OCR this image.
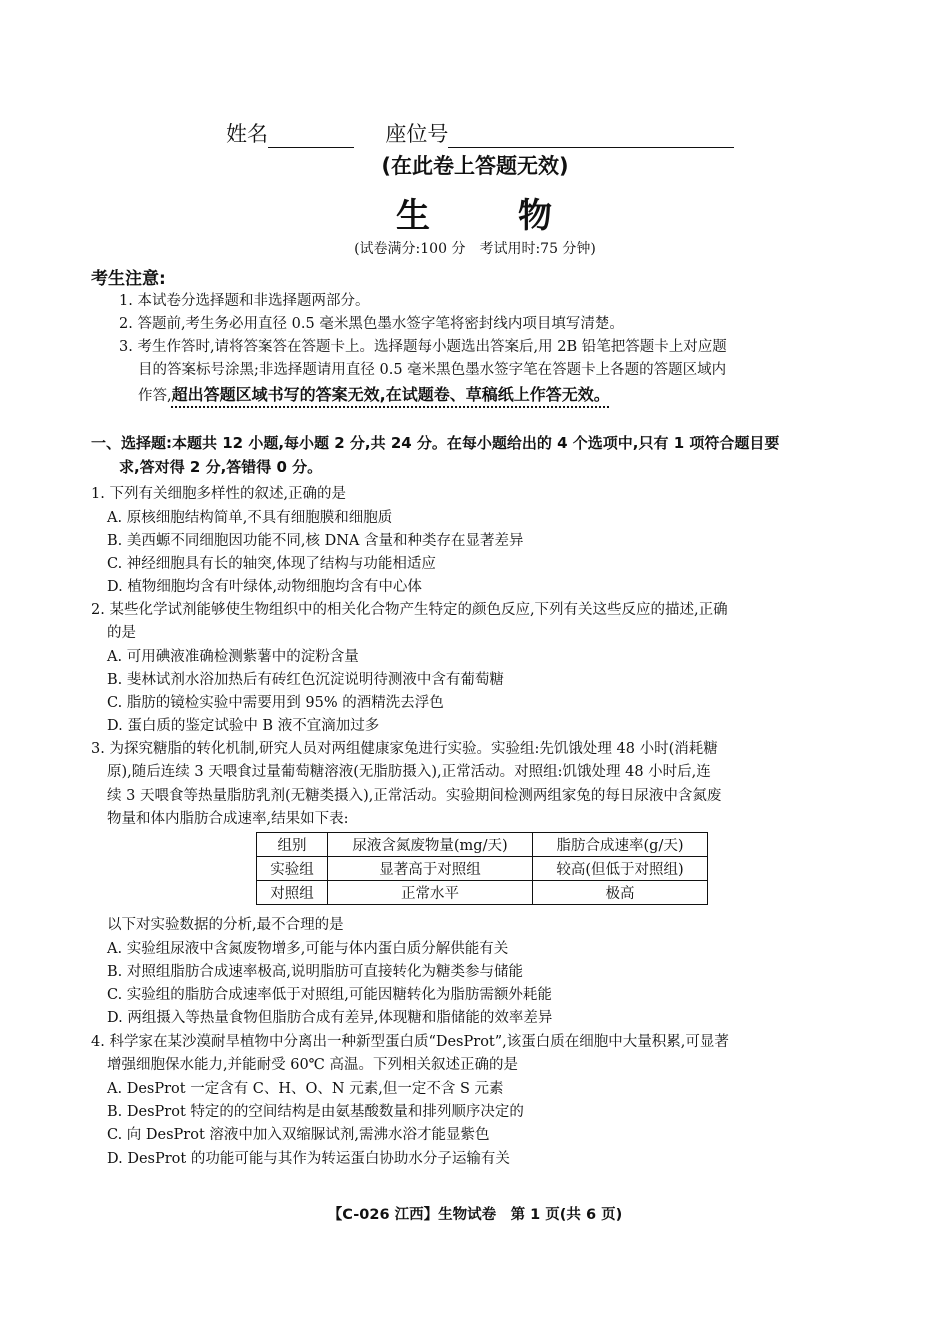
姓名	座位号
(在此卷上答题无效)
生	物
(试卷满分:100 分　考试用时:75 分钟)
考生注意:
1. 本试卷分选择题和非选择题两部分。
2. 答题前,考生务必用直径 0.5 毫米黑色墨水签字笔将密封线内项目填写清楚。
3. 考生作答时,请将答案答在答题卡上。选择题每小题选出答案后,用 2B 铅笔把答题卡上对应题
目的答案标号涂黑;非选择题请用直径 0.5 毫米黑色墨水签字笔在答题卡上各题的答题区域内
作答,超出答题区域书写的答案无效,在试题卷、草稿纸上作答无效。
一、选择题:本题共 12 小题,每小题 2 分,共 24 分。在每小题给出的 4 个选项中,只有 1 项符合题目要
求,答对得 2 分,答错得 0 分。
1. 下列有关细胞多样性的叙述,正确的是
A. 原核细胞结构简单,不具有细胞膜和细胞质
B. 美西螈不同细胞因功能不同,核 DNA 含量和种类存在显著差异
C. 神经细胞具有长的轴突,体现了结构与功能相适应
D. 植物细胞均含有叶绿体,动物细胞均含有中心体
2. 某些化学试剂能够使生物组织中的相关化合物产生特定的颜色反应,下列有关这些反应的描述,正确
的是
A. 可用碘液准确检测紫薯中的淀粉含量
B. 斐林试剂水浴加热后有砖红色沉淀说明待测液中含有葡萄糖
C. 脂肪的镜检实验中需要用到 95% 的酒精洗去浮色
D. 蛋白质的鉴定试验中 B 液不宜滴加过多
3. 为探究糖脂的转化机制,研究人员对两组健康家兔进行实验。实验组:先饥饿处理 48 小时(消耗糖
原),随后连续 3 天喂食过量葡萄糖溶液(无脂肪摄入),正常活动。对照组:饥饿处理 48 小时后,连
续 3 天喂食等热量脂肪乳剂(无糖类摄入),正常活动。实验期间检测两组家兔的每日尿液中含氮废
物量和体内脂肪合成速率,结果如下表:
组别	尿液含氮废物量(mg/天)	脂肪合成速率(g/天)
实验组	显著高于对照组	较高(但低于对照组)
对照组	正常水平	极高
以下对实验数据的分析,最不合理的是
A. 实验组尿液中含氮废物增多,可能与体内蛋白质分解供能有关
B. 对照组脂肪合成速率极高,说明脂肪可直接转化为糖类参与储能
C. 实验组的脂肪合成速率低于对照组,可能因糖转化为脂肪需额外耗能
D. 两组摄入等热量食物但脂肪合成有差异,体现糖和脂储能的效率差异
4. 科学家在某沙漠耐旱植物中分离出一种新型蛋白质“DesProt”,该蛋白质在细胞中大量积累,可显著
增强细胞保水能力,并能耐受 60℃ 高温。下列相关叙述正确的是
A. DesProt 一定含有 C、H、O、N 元素,但一定不含 S 元素
B. DesProt 特定的的空间结构是由氨基酸数量和排列顺序决定的
C. 向 DesProt 溶液中加入双缩脲试剂,需沸水浴才能显紫色
D. DesProt 的功能可能与其作为转运蛋白协助水分子运输有关
【C-026 江西】生物试卷　第 1 页(共 6 页)
